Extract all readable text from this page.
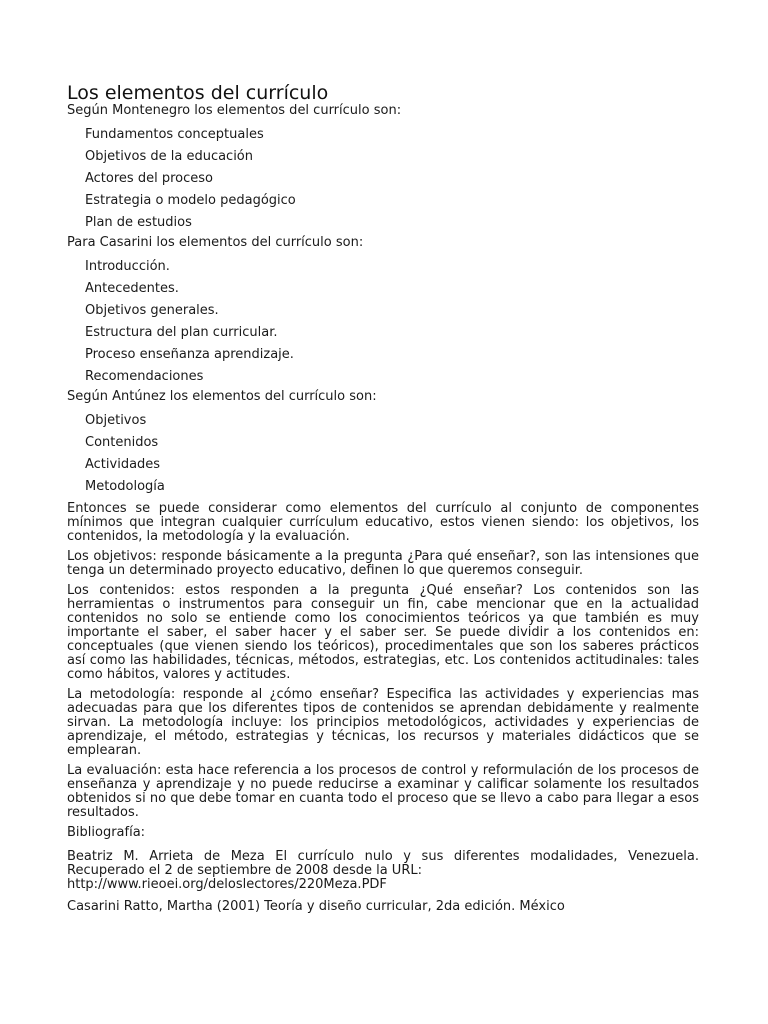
Los elementos del currículo
Según Montenegro los elementos del currículo son:
Fundamentos conceptuales
Objetivos de la educación
Actores del proceso
Estrategia o modelo pedagógico
Plan de estudios
Para Casarini los elementos del currículo son:
Introducción.
Antecedentes.
Objetivos generales.
Estructura del plan curricular.
Proceso enseñanza aprendizaje.
Recomendaciones
Según Antúnez los elementos del currículo son:
Objetivos
Contenidos
Actividades
Metodología

Entonces se puede considerar como elementos del currículo al conjunto de componentes mínimos que integran cualquier currículum educativo, estos vienen siendo: los objetivos, los contenidos, la metodología y la evaluación.

Los objetivos: responde básicamente a la pregunta ¿Para qué enseñar?, son las intensiones que tenga un determinado proyecto educativo, definen lo que queremos conseguir.

Los contenidos: estos responden a la pregunta ¿Qué enseñar? Los contenidos son las herramientas o instrumentos para conseguir un fin, cabe mencionar que en la actualidad contenidos no solo se entiende como los conocimientos teóricos ya que también es muy importante el saber, el saber hacer y el saber ser. Se puede dividir a los contenidos en: conceptuales (que vienen siendo los teóricos), procedimentales que son los saberes prácticos así como las habilidades, técnicas, métodos, estrategias, etc. Los contenidos actitudinales: tales como hábitos, valores y actitudes.

La metodología: responde al ¿cómo enseñar? Especifica las actividades y experiencias mas adecuadas para que los diferentes tipos de contenidos se aprendan debidamente y realmente sirvan. La metodología incluye: los principios metodológicos, actividades y experiencias de aprendizaje, el método, estrategias y técnicas, los recursos y materiales didácticos que se emplearan.

La evaluación: esta hace referencia a los procesos de control y reformulación de los procesos de enseñanza y aprendizaje y no puede reducirse a examinar y calificar solamente los resultados obtenidos si no que debe tomar en cuanta todo el proceso que se llevo a cabo para llegar a esos resultados.

Bibliografía:
Beatriz M. Arrieta de Meza El currículo nulo y sus diferentes modalidades, Venezuela. Recuperado el 2 de septiembre de 2008 desde la URL:
http://www.rieoei.org/deloslectores/220Meza.PDF
Casarini Ratto, Martha (2001) Teoría y diseño curricular, 2da edición. México
